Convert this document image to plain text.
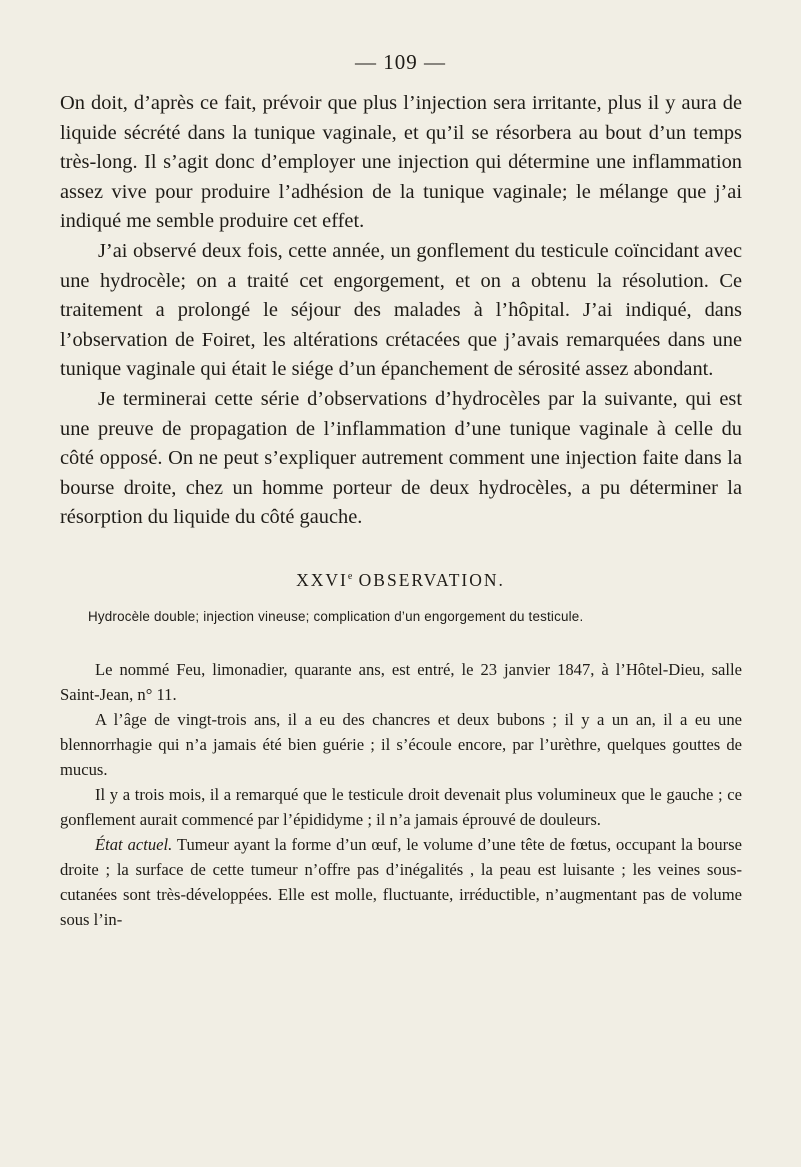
— 109 —

On doit, d’après ce fait, prévoir que plus l’injection sera irritante, plus il y aura de liquide sécrété dans la tunique vaginale, et qu’il se résorbera au bout d’un temps très-long. Il s’agit donc d’employer une injection qui détermine une inflammation assez vive pour produire l’adhésion de la tunique vaginale; le mélange que j’ai indiqué me semble produire cet effet.

J’ai observé deux fois, cette année, un gonflement du testicule coïncidant avec une hydrocèle; on a traité cet engorgement, et on a obtenu la résolution. Ce traitement a prolongé le séjour des malades à l’hôpital. J’ai indiqué, dans l’observation de Foiret, les altérations crétacées que j’avais remarquées dans une tunique vaginale qui était le siége d’un épanchement de sérosité assez abondant.

Je terminerai cette série d’observations d’hydrocèles par la suivante, qui est une preuve de propagation de l’inflammation d’une tunique vaginale à celle du côté opposé. On ne peut s’expliquer autrement comment une injection faite dans la bourse droite, chez un homme porteur de deux hydrocèles, a pu déterminer la résorption du liquide du côté gauche.

XXVIe OBSERVATION.
Hydrocèle double; injection vineuse; complication d’un engorgement du testicule.

Le nommé Feu, limonadier, quarante ans, est entré, le 23 janvier 1847, à l’Hôtel-Dieu, salle Saint-Jean, n° 11.

A l’âge de vingt-trois ans, il a eu des chancres et deux bubons ; il y a un an, il a eu une blennorrhagie qui n’a jamais été bien guérie ; il s’écoule encore, par l’urèthre, quelques gouttes de mucus.

Il y a trois mois, il a remarqué que le testicule droit devenait plus volumineux que le gauche ; ce gonflement aurait commencé par l’épididyme ; il n’a jamais éprouvé de douleurs.

État actuel. Tumeur ayant la forme d’un œuf, le volume d’une tête de fœtus, occupant la bourse droite ; la surface de cette tumeur n’offre pas d’inégalités , la peau est luisante ; les veines sous-cutanées sont très-développées. Elle est molle, fluctuante, irréductible, n’augmentant pas de volume sous l’in-
